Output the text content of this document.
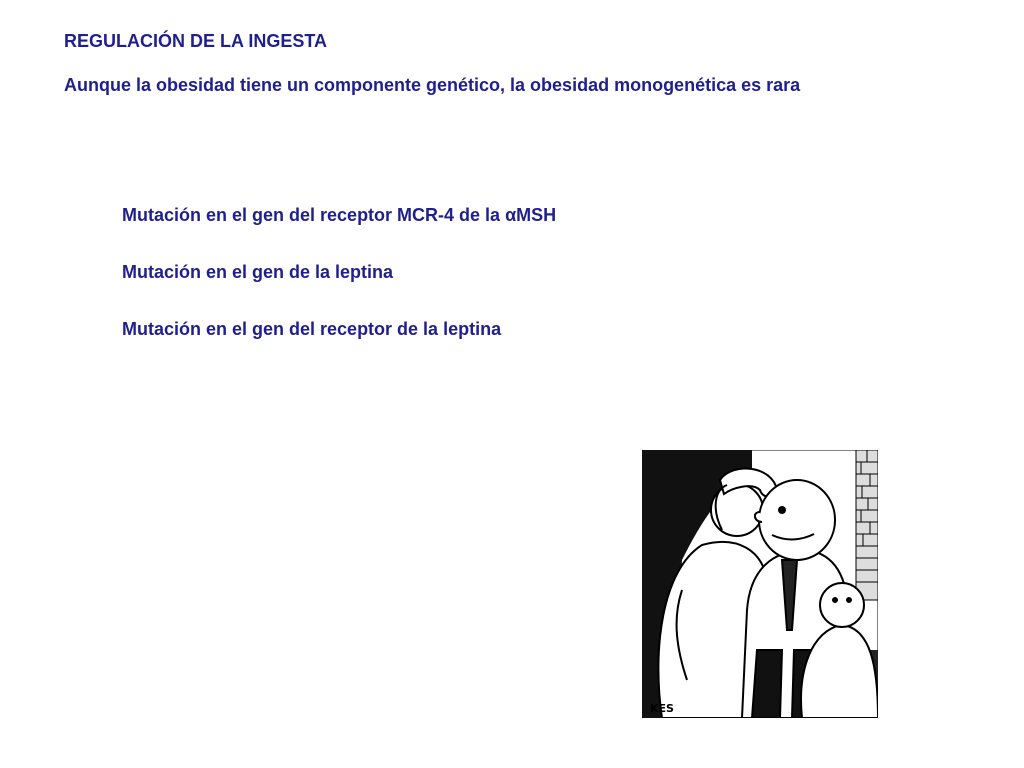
REGULACIÓN DE LA INGESTA

Aunque la obesidad tiene un componente genético, la obesidad monogenética es rara

Mutación en el gen del receptor MCR-4 de la αMSH
Mutación en el gen de la leptina
Mutación en el gen del receptor de la leptina
KES
